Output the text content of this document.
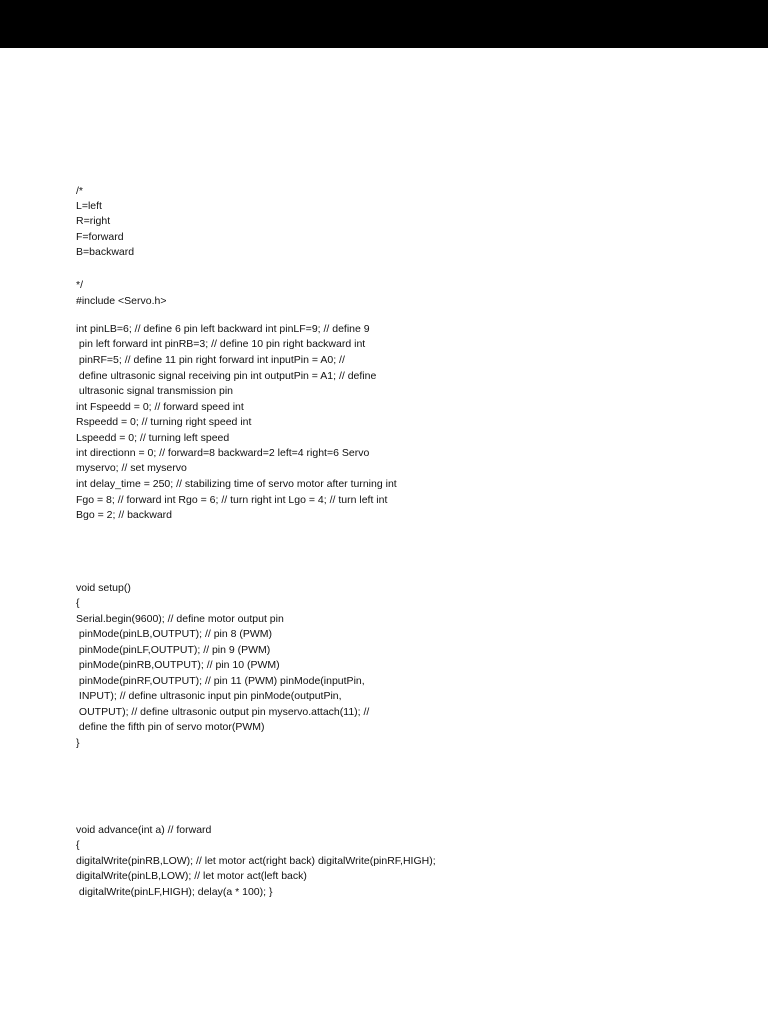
/*
L=left
R=right
F=forward
B=backward
*/
#include <Servo.h>
int pinLB=6; // define 6 pin left backward int pinLF=9; // define 9
pin left forward int pinRB=3; // define 10 pin right backward int
pinRF=5; // define 11 pin right forward int inputPin = A0; //
define ultrasonic signal receiving pin int outputPin = A1; // define
ultrasonic signal transmission pin
int Fspeedd = 0; // forward speed int
Rspeedd = 0; // turning right speed int
Lspeedd = 0; // turning left speed
int directionn = 0; // forward=8 backward=2 left=4 right=6 Servo
myservo; // set myservo
int delay_time = 250; // stabilizing time of servo motor after turning int
Fgo = 8; // forward int Rgo = 6; // turn right int Lgo = 4; // turn left int
Bgo = 2; // backward
void setup()
{
Serial.begin(9600); // define motor output pin
pinMode(pinLB,OUTPUT); // pin 8 (PWM)
pinMode(pinLF,OUTPUT); // pin 9 (PWM)
pinMode(pinRB,OUTPUT); // pin 10 (PWM)
pinMode(pinRF,OUTPUT); // pin 11 (PWM) pinMode(inputPin,
INPUT); // define ultrasonic input pin pinMode(outputPin,
OUTPUT); // define ultrasonic output pin myservo.attach(11); //
define the fifth pin of servo motor(PWM)
}
void advance(int a) // forward
{
digitalWrite(pinRB,LOW); // let motor act(right back) digitalWrite(pinRF,HIGH);
digitalWrite(pinLB,LOW); // let motor act(left back)
digitalWrite(pinLF,HIGH); delay(a * 100); }
